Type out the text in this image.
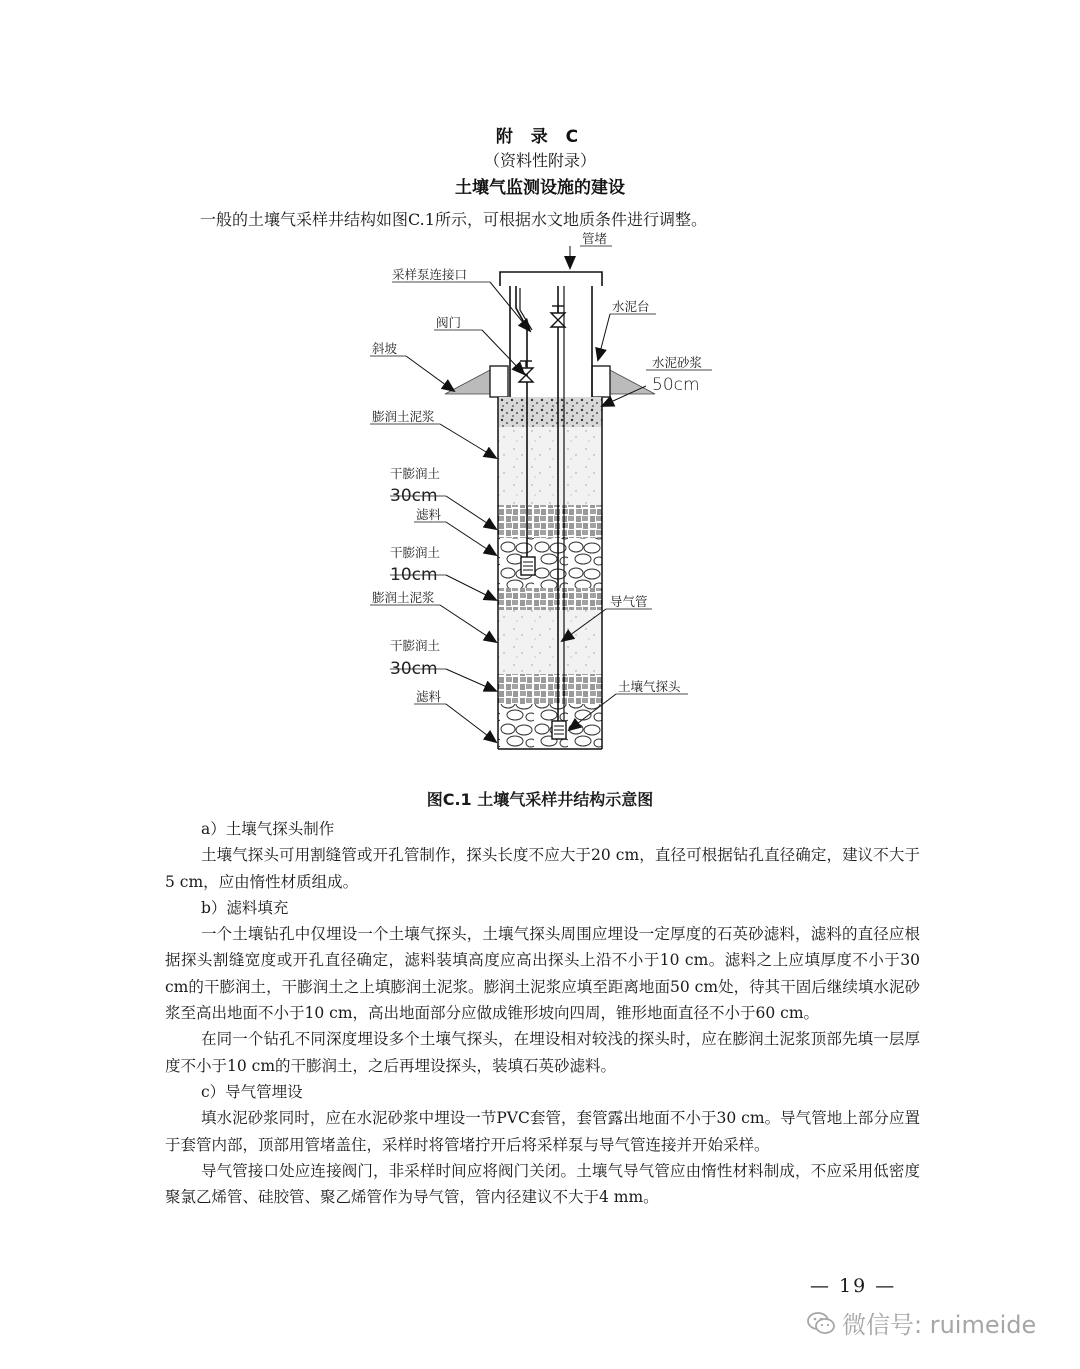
附 录 C
（资料性附录）
土壤气监测设施的建设
一般的土壤气采样井结构如图C.1所示，可根据水文地质条件进行调整。
管堵
采样泵连接口
水泥台
阀门
斜坡
水泥砂浆
50cm
膨润土泥浆
干膨润土
30cm
滤料
干膨润土
10cm
导气管
膨润土泥浆
干膨润土
30cm
土壤气探头
滤料
图C.1 土壤气采样井结构示意图

a）土壤气探头制作

土壤气探头可用割缝管或开孔管制作，探头长度不应大于20 cm，直径可根据钻孔直径确定，建议不大于5 cm，应由惰性材质组成。

b）滤料填充

一个土壤钻孔中仅埋设一个土壤气探头，土壤气探头周围应埋设一定厚度的石英砂滤料，滤料的直径应根据探头割缝宽度或开孔直径确定，滤料装填高度应高出探头上沿不小于10 cm。滤料之上应填厚度不小于30 cm的干膨润土，干膨润土之上填膨润土泥浆。膨润土泥浆应填至距离地面50 cm处，待其干固后继续填水泥砂浆至高出地面不小于10 cm，高出地面部分应做成锥形坡向四周，锥形地面直径不小于60 cm。

在同一个钻孔不同深度埋设多个土壤气探头，在埋设相对较浅的探头时，应在膨润土泥浆顶部先填一层厚度不小于10 cm的干膨润土，之后再埋设探头，装填石英砂滤料。

c）导气管埋设

填水泥砂浆同时，应在水泥砂浆中埋设一节PVC套管，套管露出地面不小于30 cm。导气管地上部分应置于套管内部，顶部用管堵盖住，采样时将管堵拧开后将采样泵与导气管连接并开始采样。

导气管接口处应连接阀门，非采样时间应将阀门关闭。土壤气导气管应由惰性材料制成，不应采用低密度聚氯乙烯管、硅胶管、聚乙烯管作为导气管，管内径建议不大于4 mm。

— 19 —
微信号: ruimeide
